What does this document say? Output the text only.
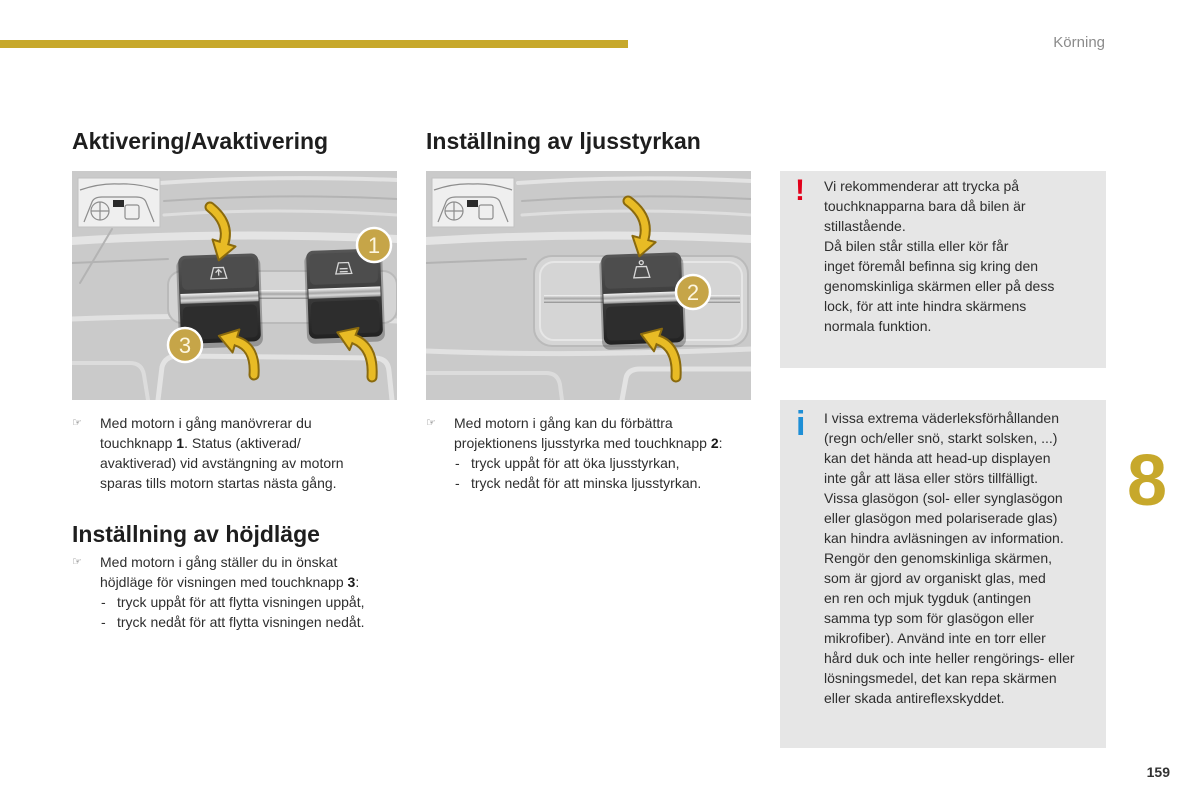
Körning
Aktivering/Avaktivering	Inställning av ljusstyrkan
Inställning av höjdläge
1
3
2
☞ Med motorn i gång manövrerar du
touchknapp 1. Status (aktiverad/
avaktiverad) vid avstängning av motorn
sparas tills motorn startas nästa gång.
☞ Med motorn i gång ställer du in önskat
höjdläge för visningen med touchknapp 3:
- tryck uppåt för att flytta visningen uppåt,
- tryck nedåt för att flytta visningen nedåt.
☞ Med motorn i gång kan du förbättra
projektionens ljusstyrka med touchknapp 2:
- tryck uppåt för att öka ljusstyrkan,
- tryck nedåt för att minska ljusstyrkan.
! Vi rekommenderar att trycka på
touchknapparna bara då bilen är
stillastående.
Då bilen står stilla eller kör får
inget föremål befinna sig kring den
genomskinliga skärmen eller på dess
lock, för att inte hindra skärmens
normala funktion.
i I vissa extrema väderleksförhållanden
(regn och/eller snö, starkt solsken, ...)
kan det hända att head-up displayen
inte går att läsa eller störs tillfälligt.
Vissa glasögon (sol- eller synglasögon
eller glasögon med polariserade glas)
kan hindra avläsningen av information.
Rengör den genomskinliga skärmen,
som är gjord av organiskt glas, med
en ren och mjuk tygduk (antingen
samma typ som för glasögon eller
mikrofiber). Använd inte en torr eller
hård duk och inte heller rengörings- eller
lösningsmedel, det kan repa skärmen
eller skada antireflexskyddet.
8
159
